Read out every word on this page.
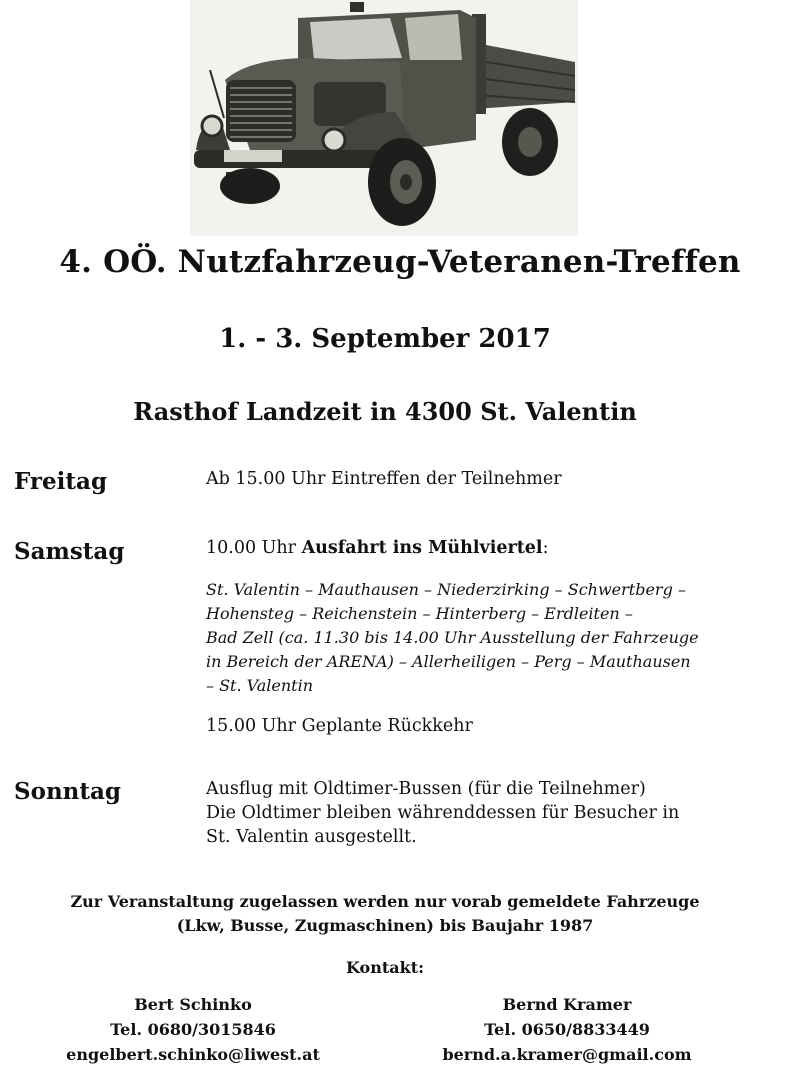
4. OÖ. Nutzfahrzeug-Veteranen-Treffen
1. - 3. September 2017
Rasthof Landzeit in 4300 St. Valentin
Freitag	Ab 15.00 Uhr Eintreffen der Teilnehmer
Samstag	10.00 Uhr Ausfahrt ins Mühlviertel:
St. Valentin – Mauthausen – Niederzirking – Schwertberg –
Hohensteg – Reichenstein – Hinterberg – Erdleiten –
Bad Zell (ca. 11.30 bis 14.00 Uhr Ausstellung der Fahrzeuge
in Bereich der ARENA) – Allerheiligen – Perg – Mauthausen
– St. Valentin
15.00 Uhr Geplante Rückkehr
Sonntag	Ausflug mit Oldtimer-Bussen (für die Teilnehmer)
Die Oldtimer bleiben währenddessen für Besucher in
St. Valentin ausgestellt.
Zur Veranstaltung zugelassen werden nur vorab gemeldete Fahrzeuge
(Lkw, Busse, Zugmaschinen) bis Baujahr 1987
Kontakt:
Bert Schinko
Tel. 0680/3015846
engelbert.schinko@liwest.at
Bernd Kramer
Tel. 0650/8833449
bernd.a.kramer@gmail.com
